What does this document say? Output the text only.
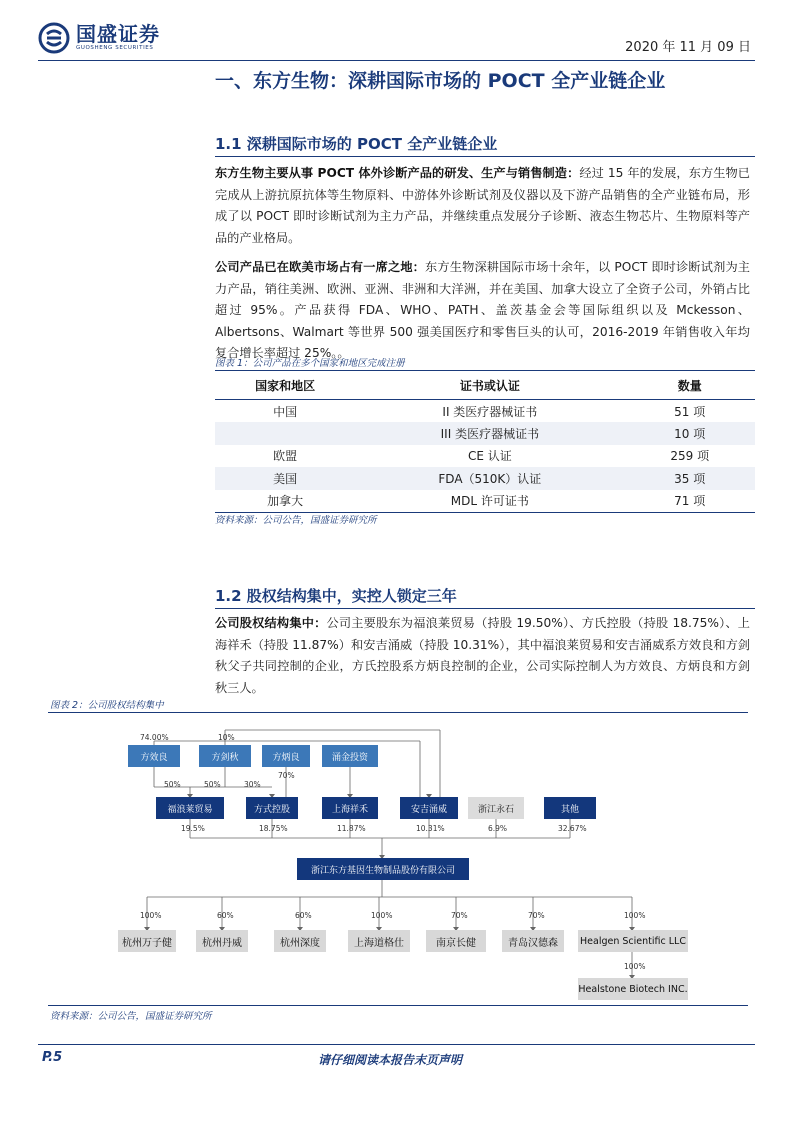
国盛证券
GUOSHENG SECURITIES	2020 年 11 月 09 日
一、东方生物：深耕国际市场的 POCT 全产业链企业
1.1 深耕国际市场的 POCT 全产业链企业
东方生物主要从事 POCT 体外诊断产品的研发、生产与销售制造：经过 15 年的发展，东方生物已完成从上游抗原抗体等生物原料、中游体外诊断试剂及仪器以及下游产品销售的全产业链布局，形成了以 POCT 即时诊断试剂为主力产品，并继续重点发展分子诊断、液态生物芯片、生物原料等产品的产业格局。
公司产品已在欧美市场占有一席之地：东方生物深耕国际市场十余年，以 POCT 即时诊断试剂为主力产品，销往美洲、欧洲、亚洲、非洲和大洋洲，并在美国、加拿大设立了全资子公司，外销占比超过 95%。产品获得 FDA、WHO、PATH、盖茨基金会等国际组织以及 Mckesson、Albertsons、Walmart 等世界 500 强美国医疗和零售巨头的认可，2016-2019 年销售收入年均复合增长率超过 25%。。
图表 1：公司产品在多个国家和地区完成注册
国家和地区	证书或认证	数量
中国	II 类医疗器械证书	51 项
	III 类医疗器械证书	10 项
欧盟	CE 认证	259 项
美国	FDA（510K）认证	35 项
加拿大	MDL 许可证书	71 项
资料来源：公司公告，国盛证券研究所
1.2 股权结构集中，实控人锁定三年
公司股权结构集中：公司主要股东为福浪莱贸易（持股 19.50%）、方氏控股（持股 18.75%）、上海祥禾（持股 11.87%）和安吉涌威（持股 10.31%），其中福浪莱贸易和安吉涌威系方效良和方剑秋父子共同控制的企业，方氏控股系方炳良控制的企业，公司实际控制人为方效良、方炳良和方剑秋三人。
图表 2：公司股权结构集中
方效良	方剑秋	方炳良	涌金投资
74.00%	10%
50%	50%	30%
70%
福浪莱贸易	方式控股	上海祥禾	安吉涌威	浙江永石	其他
19.5%	18.75%	11.87%	10.31%	6.9%	32.67%
浙江东方基因生物制品股份有限公司
100%	60%	60%	100%	70%	70%	100%
杭州万子健	杭州丹威	杭州深度	上海道格仕	南京长健	青岛汉德森	Healgen Scientific LLC
100%
Healstone Biotech INC.
资料来源：公司公告，国盛证券研究所
P.5	请仔细阅读本报告末页声明
